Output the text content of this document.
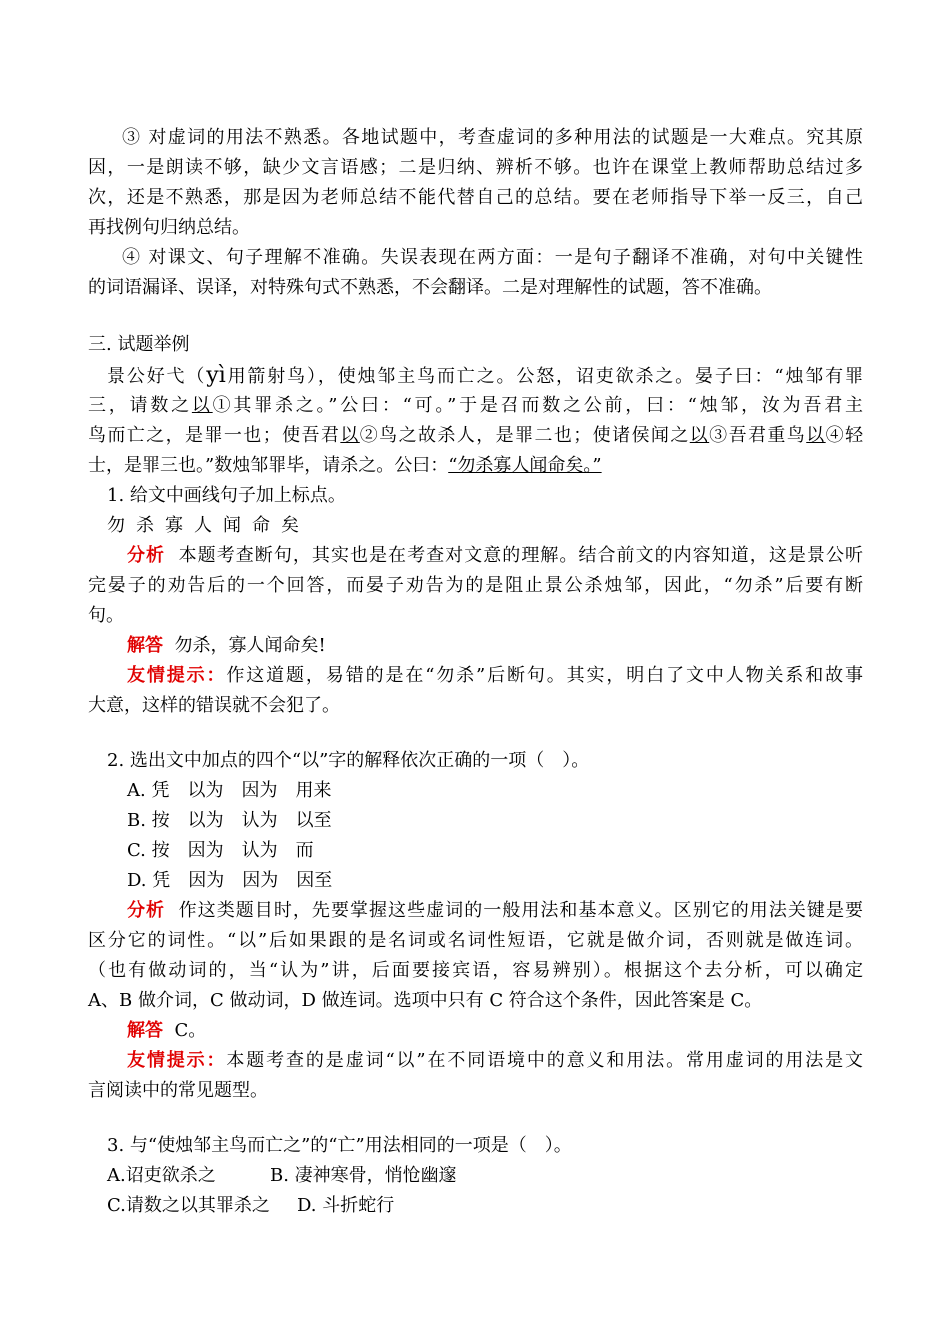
③ 对虚词的用法不熟悉。各地试题中，考查虚词的多种用法的试题是一大难点。究其原
因，一是朗读不够，缺少文言语感；二是归纳、辨析不够。也许在课堂上教师帮助总结过多
次，还是不熟悉，那是因为老师总结不能代替自己的总结。要在老师指导下举一反三，自己
再找例句归纳总结。
④ 对课文、句子理解不准确。失误表现在两方面：一是句子翻译不准确，对句中关键性
的词语漏译、误译，对特殊句式不熟悉，不会翻译。二是对理解性的试题，答不准确。
三. 试题举例
景公好弋（yì用箭射鸟），使烛邹主鸟而亡之。公怒，诏吏欲杀之。晏子曰：“烛邹有罪
三，请数之以①其罪杀之。”公曰：“可。”于是召而数之公前，曰：“烛邹，汝为吾君主
鸟而亡之，是罪一也；使吾君以②鸟之故杀人，是罪二也；使诸侯闻之以③吾君重鸟以④轻
士，是罪三也。”数烛邹罪毕，请杀之。公曰：“勿杀寡人闻命矣。”
1. 给文中画线句子加上标点。
勿杀寡人闻命矣
分析 本题考查断句，其实也是在考查对文意的理解。结合前文的内容知道，这是景公听
完晏子的劝告后的一个回答，而晏子劝告为的是阻止景公杀烛邹，因此，“勿杀”后要有断
句。
解答 勿杀，寡人闻命矣!
友情提示：作这道题，易错的是在“勿杀”后断句。其实，明白了文中人物关系和故事
大意，这样的错误就不会犯了。
2. 选出文中加点的四个“以”字的解释依次正确的一项（　）。
A. 凭　以为　因为　用来
B. 按　以为　认为　以至
C. 按　因为　认为　而
D. 凭　因为　因为　因至
分析 作这类题目时，先要掌握这些虚词的一般用法和基本意义。区别它的用法关键是要
区分它的词性。“以”后如果跟的是名词或名词性短语，它就是做介词，否则就是做连词。
（也有做动词的，当“认为”讲，后面要接宾语，容易辨别）。根据这个去分析，可以确定
A、B 做介词，C 做动词，D 做连词。选项中只有 C 符合这个条件，因此答案是 C。
解答 C。
友情提示：本题考查的是虚词“以”在不同语境中的意义和用法。常用虚词的用法是文
言阅读中的常见题型。
3. 与“使烛邹主鸟而亡之”的“亡”用法相同的一项是（　）。
A.诏吏欲杀之	B. 凄神寒骨，悄怆幽邃
C.请数之以其罪杀之 D. 斗折蛇行
